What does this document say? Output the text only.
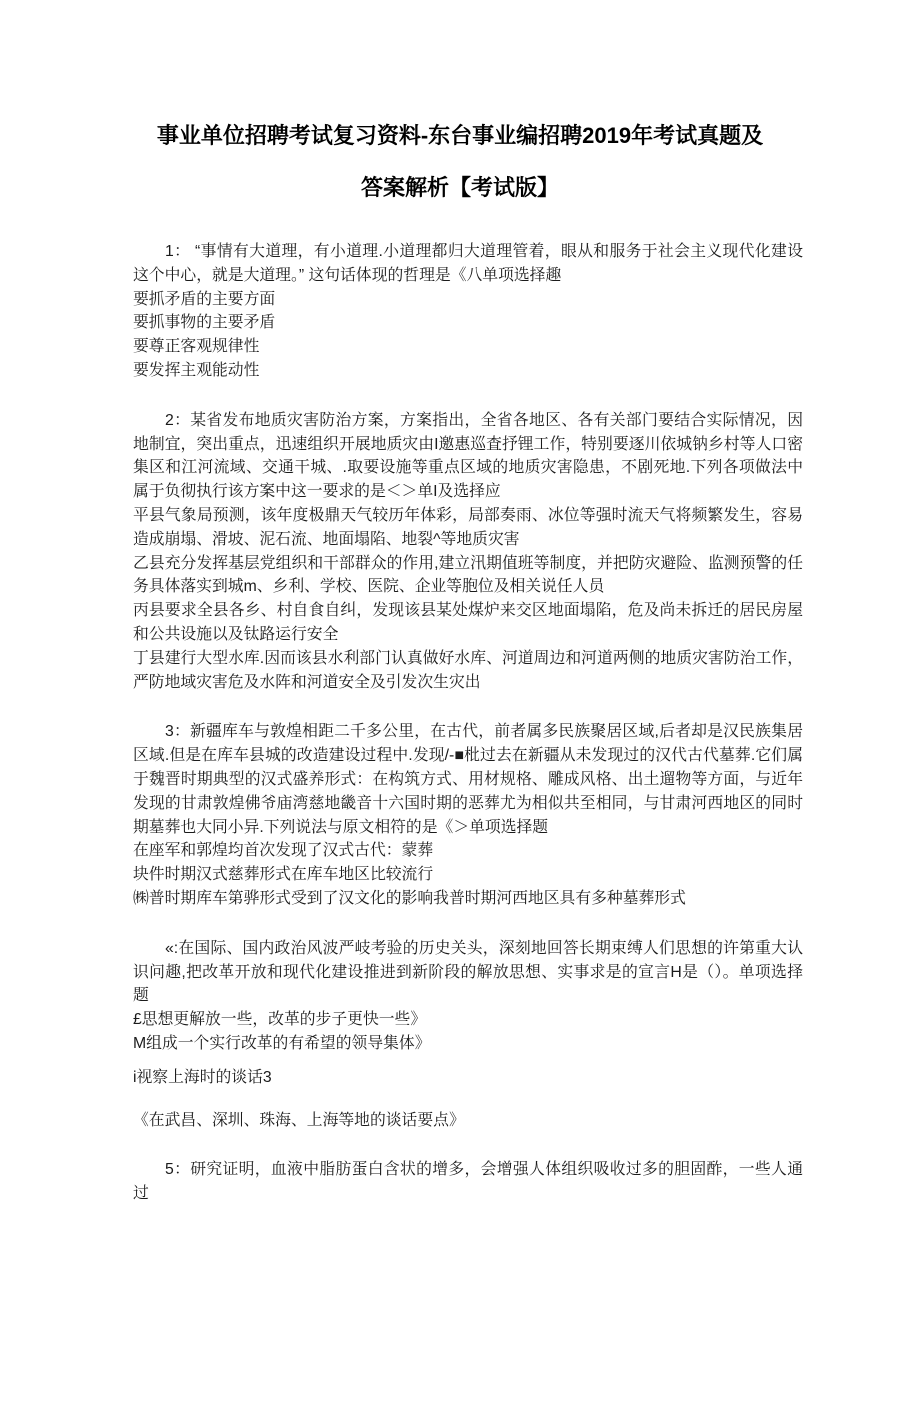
事业单位招聘考试复习资料-东台事业编招聘2019年考试真题及
答案解析【考试版】

1： “事情有大道理，有小道理.小道理都归大道理管着，眼从和服务于社会主义现代化建设这个中心，就是大道理。” 这句话体现的哲理是《八单项选择趣

要抓矛盾的主要方面

要抓事物的主要矛盾

要尊正客观规律性

要发挥主观能动性

2：某省发布地质灾害防治方案，方案指出，全省各地区、各有关部门要结合实际情况，因地制宜，突出重点，迅速组织开展地质灾由I邀惠巡査抒锂工作，特别要逐川依城钠乡村等人口密集区和江河流域、交通干城、.取要设施等重点区域的地质灾害隐患，不剧死地.下列各项做法中属于负彻执行该方案中这一要求的是＜＞单I及选择应

平县气象局预测，该年度极鼎天气较历年体彩，局部奏雨、冰位等强时流天气将频繁发生，容易造成崩塌、滑坡、泥石流、地面塌陷、地裂^等地质灾害

乙县充分发挥基层党组织和干部群众的作用,建立汛期值班等制度，并把防灾避险、监测预警的任务具体落实到城m、乡利、学校、医院、企业等胞位及相关说任人员

丙县要求全县各乡、村自食自纠，发现该县某处煤炉来交区地面塌陷，危及尚未拆迁的居民房屋和公共设施以及钛路运行安全

丁县建行大型水库.因而该县水利部门认真做好水库、河道周边和河道两侧的地质灾害防治工作，严防地域灾害危及水阵和河道安全及引发次生灾出

3：新疆库车与敦煌相距二千多公里，在古代，前者属多民族聚居区域,后者却是汉民族集居区域.但是在库车县城的改造建设过程中.发现/-■枇过去在新疆从未发现过的汉代古代墓葬.它们属于魏晋时期典型的汉式盛养形式：在构筑方式、用材规格、雕成风格、出土遛物等方面，与近年发现的甘肃敦煌佛爷庙湾慈地畿音十六国时期的恶葬尤为相似共至相同，与甘肃河西地区的同时期墓葬也大同小异.下列说法与原文相符的是《＞单项选择题

在座军和郭煌均首次发现了汉式古代：蒙葬

块件时期汉式慈葬形式在库车地区比较流行

㈱普时期库车第骅形式受到了汉文化的影响我普时期河西地区具有多种墓葬形式

«:在国际、国内政治风波严岐考验的历史关头，深刻地回答长期束缚人们思想的许第重大认识问趣,把改革开放和现代化建设推进到新阶段的解放思想、实事求是的宣言H是（）。单项选择题

£思想更解放一些，改革的步子更快一些》

M组成一个实行改革的有希望的领导集体》

i视察上海时的谈话3

《在武昌、深圳、珠海、上海等地的谈话要点》

5：研究证明，血液中脂肪蛋白含状的增多，会增强人体组织吸收过多的胆固酢，一些人通过
